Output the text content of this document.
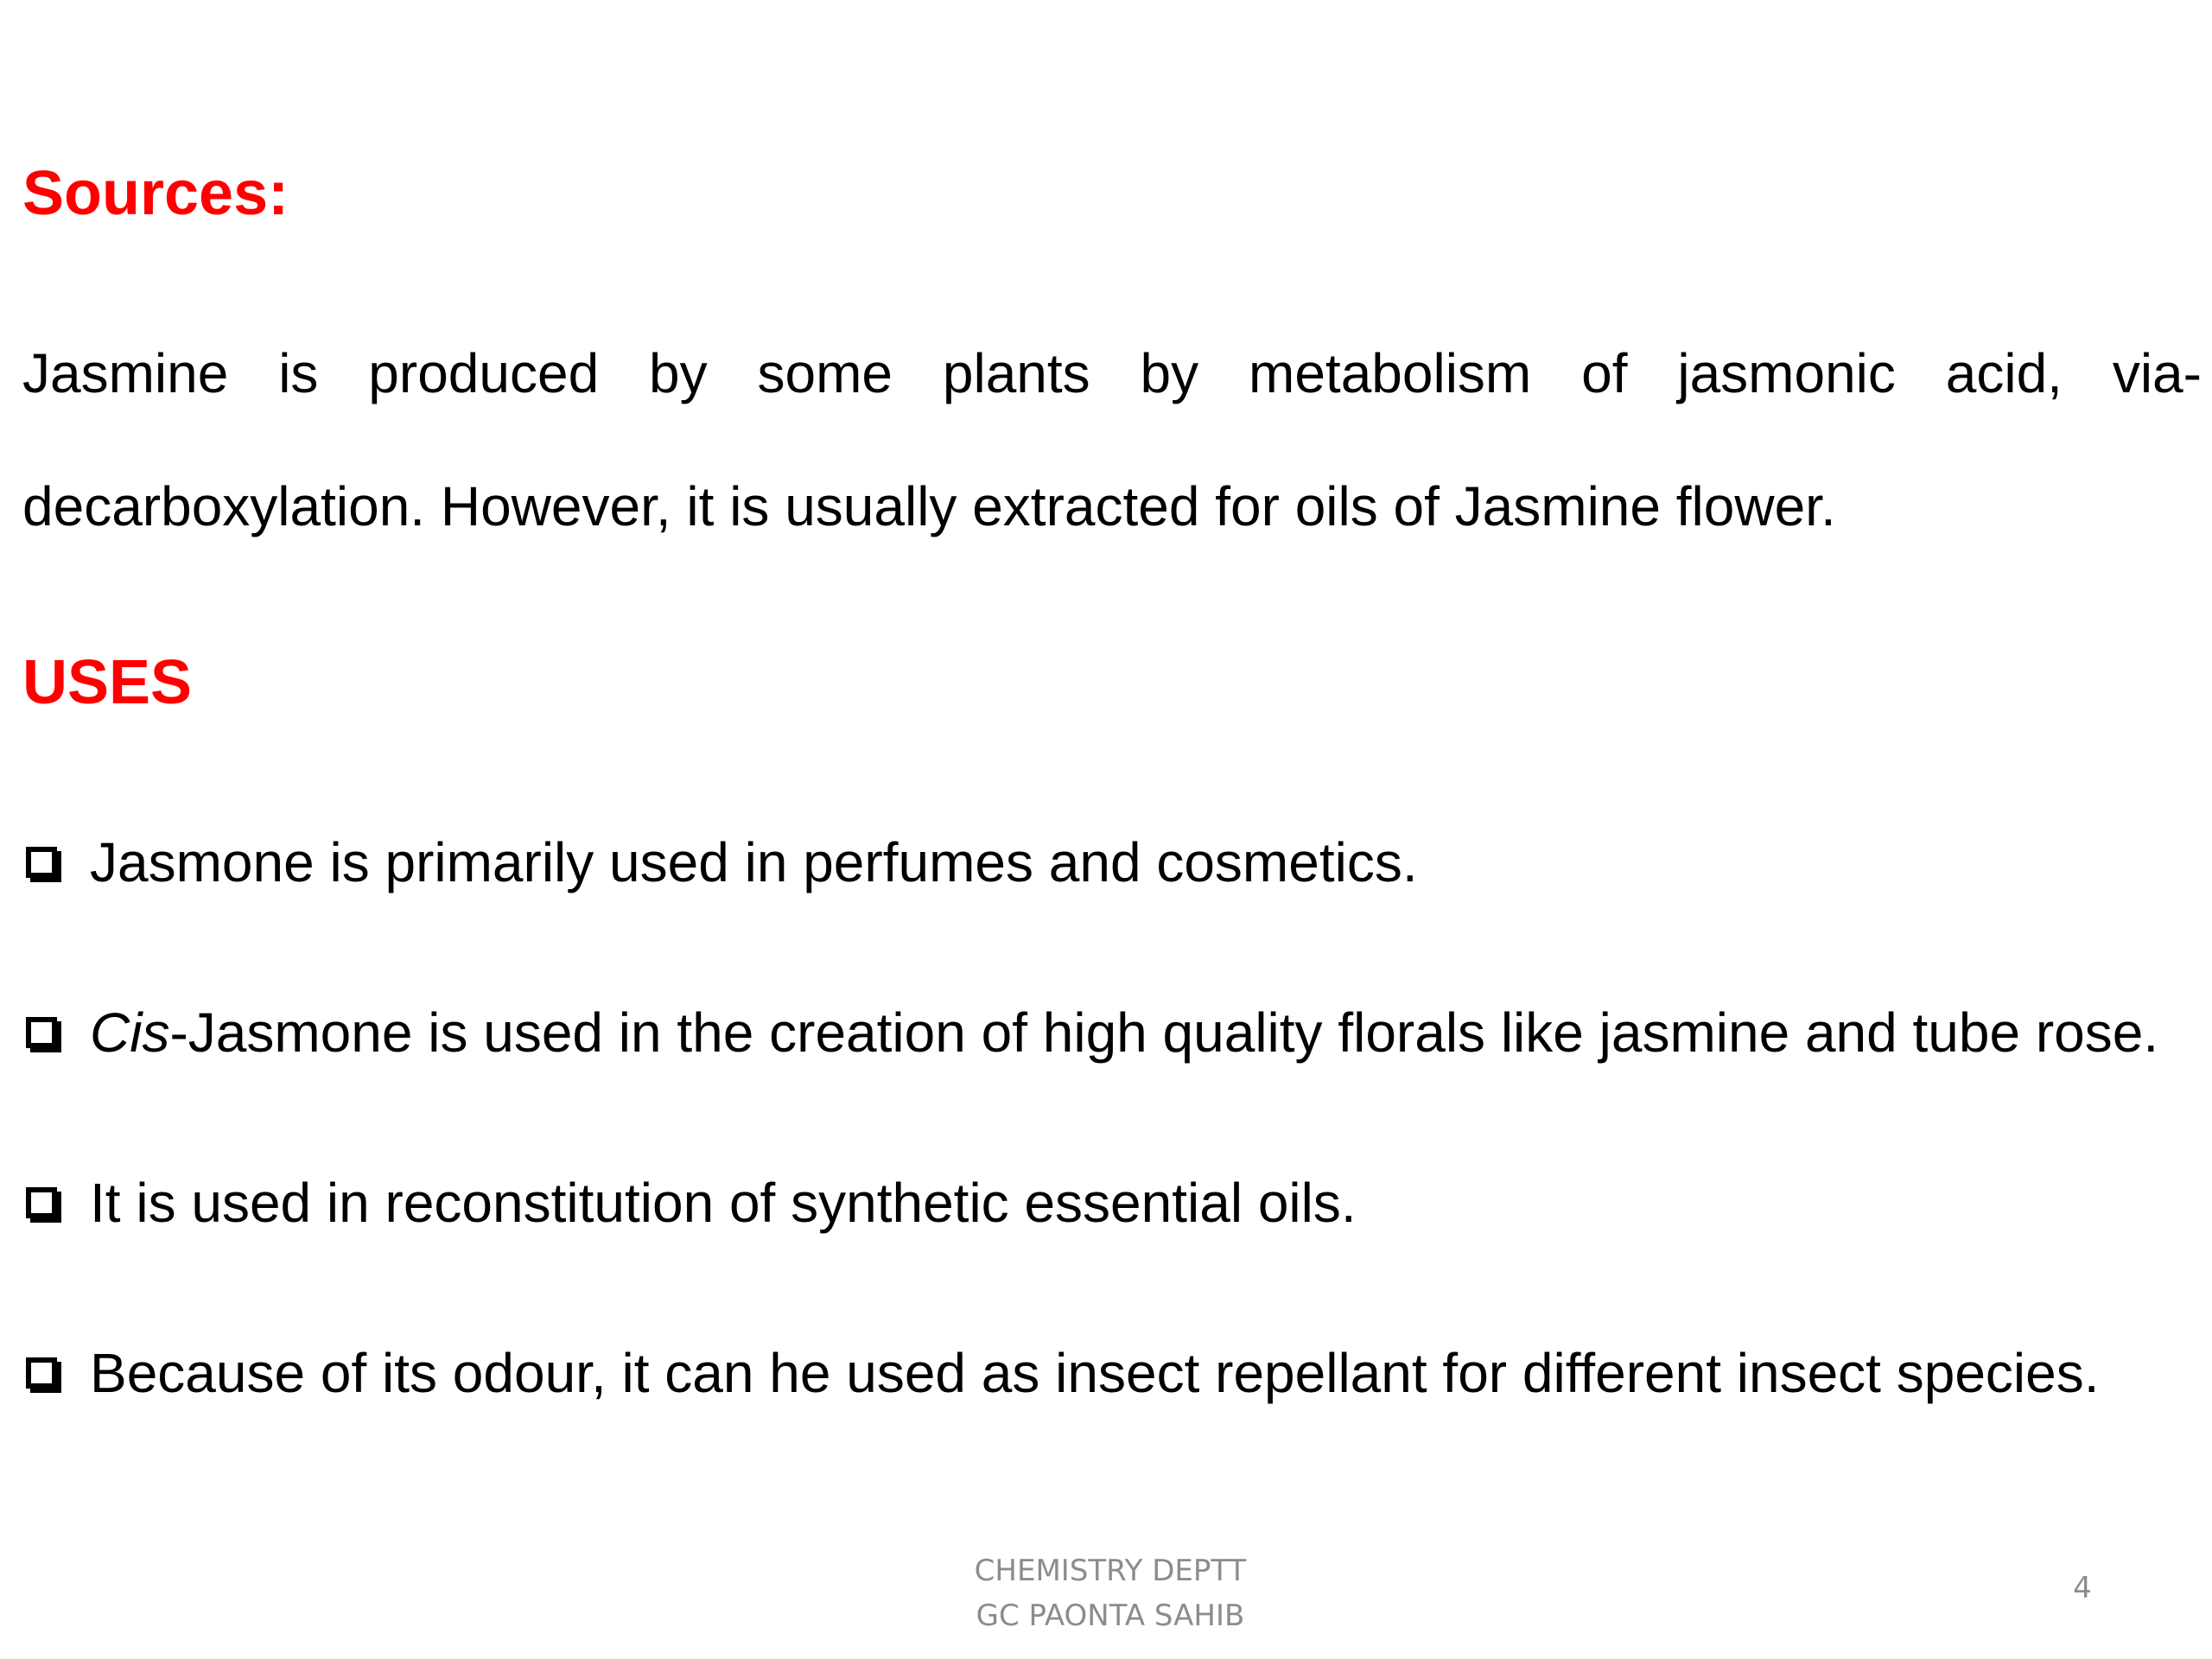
Sources:
Jasmine is produced by some plants by metabolism of jasmonic acid, via-
decarboxylation. However, it is usually extracted for oils of Jasmine flower.
USES
Jasmone is primarily used in perfumes and cosmetics.
Cis-Jasmone is used in the creation of high quality florals like jasmine and tube rose.
It is used in reconstitution of synthetic essential oils.
Because of its odour, it can he used as insect repellant for different insect species.
CHEMISTRY DEPTT
GC PAONTA SAHIB
4
